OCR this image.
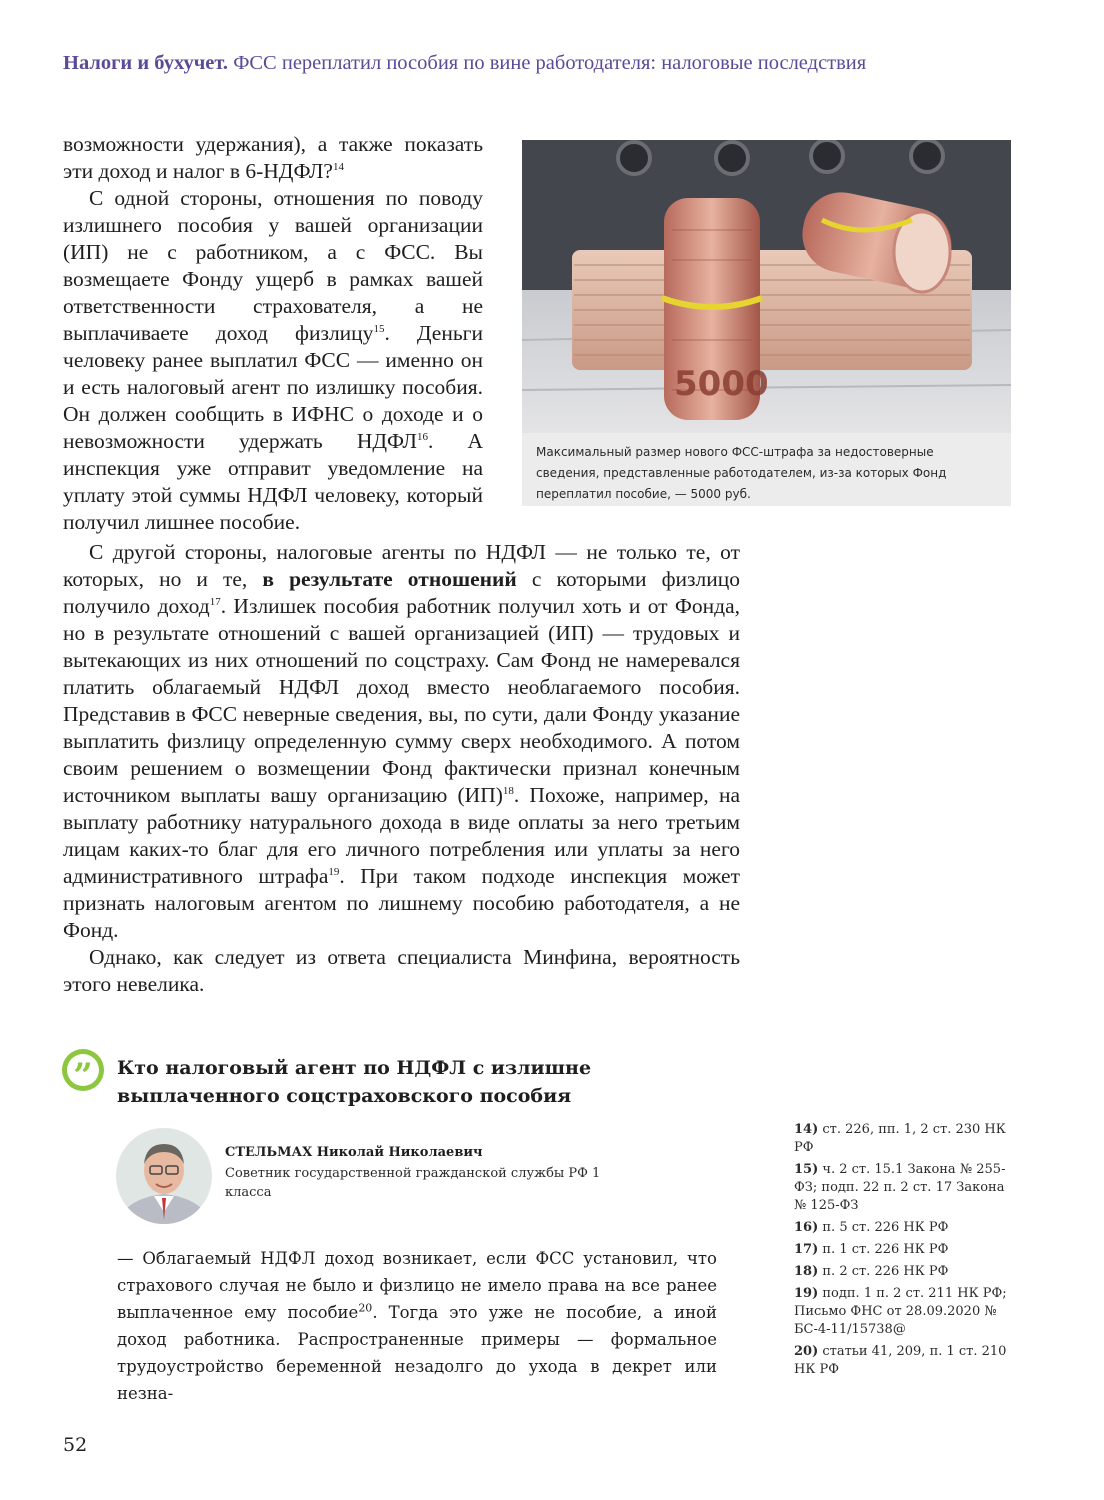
Налоги и бухучет. ФСС переплатил пособия по вине работодателя: налоговые последствия

возможности удержания), а также показать эти доход и налог в 6-НДФЛ?$^{14}$

С одной стороны, отношения по поводу излишнего пособия у вашей организации (ИП) не с работником, а с ФСС. Вы возмещаете Фонду ущерб в рамках вашей ответственности страхователя, а не выплачиваете доход физлицу$^{15}$. Деньги человеку ранее выплатил ФСС — именно он и есть налоговый агент по излишку пособия. Он должен сообщить в ИФНС о доходе и о невозможности удержать НДФЛ$^{16}$. А инспекция уже отправит уведомление на уплату этой суммы НДФЛ человеку, который получил лишнее пособие.

5000
Максимальный размер нового ФСС-штрафа за недостоверные сведения, представленные работодателем, из-за которых Фонд переплатил пособие, — 5000 руб.

С другой стороны, налоговые агенты по НДФЛ — не только те, от которых, но и те, в результате отношений с которыми физлицо получило доход$^{17}$. Излишек пособия работник получил хоть и от Фонда, но в результате отношений с вашей организацией (ИП) — трудовых и вытекающих из них отношений по соцстраху. Сам Фонд не намеревался платить облагаемый НДФЛ доход вместо необлагаемого пособия. Представив в ФСС неверные сведения, вы, по сути, дали Фонду указание выплатить физлицу определенную сумму сверх необходимого. А потом своим решением о возмещении Фонд фактически признал конечным источником выплаты вашу организацию (ИП)$^{18}$. Похоже, например, на выплату работнику натурального дохода в виде оплаты за него третьим лицам каких-то благ для его личного потребления или уплаты за него административного штрафа$^{19}$. При таком подходе инспекция может признать налоговым агентом по лишнему пособию работодателя, а не Фонд.

Однако, как следует из ответа специалиста Минфина, вероятность этого невелика.

”	Кто налоговый агент по НДФЛ с излишне выплаченного соцстраховского пособия
СТЕЛЬМАХ Николай Николаевич
Советник государственной гражданской службы РФ 1 класса

— Облагаемый НДФЛ доход возникает, если ФСС установил, что страхового случая не было и физлицо не имело права на все ранее выплаченное ему пособие$^{20}$. Тогда это уже не пособие, а иной доход работника. Распространенные примеры — формальное трудоустройство беременной незадолго до ухода в декрет или незна-

14) ст. 226, пп. 1, 2 ст. 230 НК РФ
15) ч. 2 ст. 15.1 Закона № 255-ФЗ; подп. 22 п. 2 ст. 17 Закона № 125-ФЗ
16) п. 5 ст. 226 НК РФ
17) п. 1 ст. 226 НК РФ
18) п. 2 ст. 226 НК РФ
19) подп. 1 п. 2 ст. 211 НК РФ; Письмо ФНС от 28.09.2020 № БС-4-11/15738@
20) статьи 41, 209, п. 1 ст. 210 НК РФ
52
